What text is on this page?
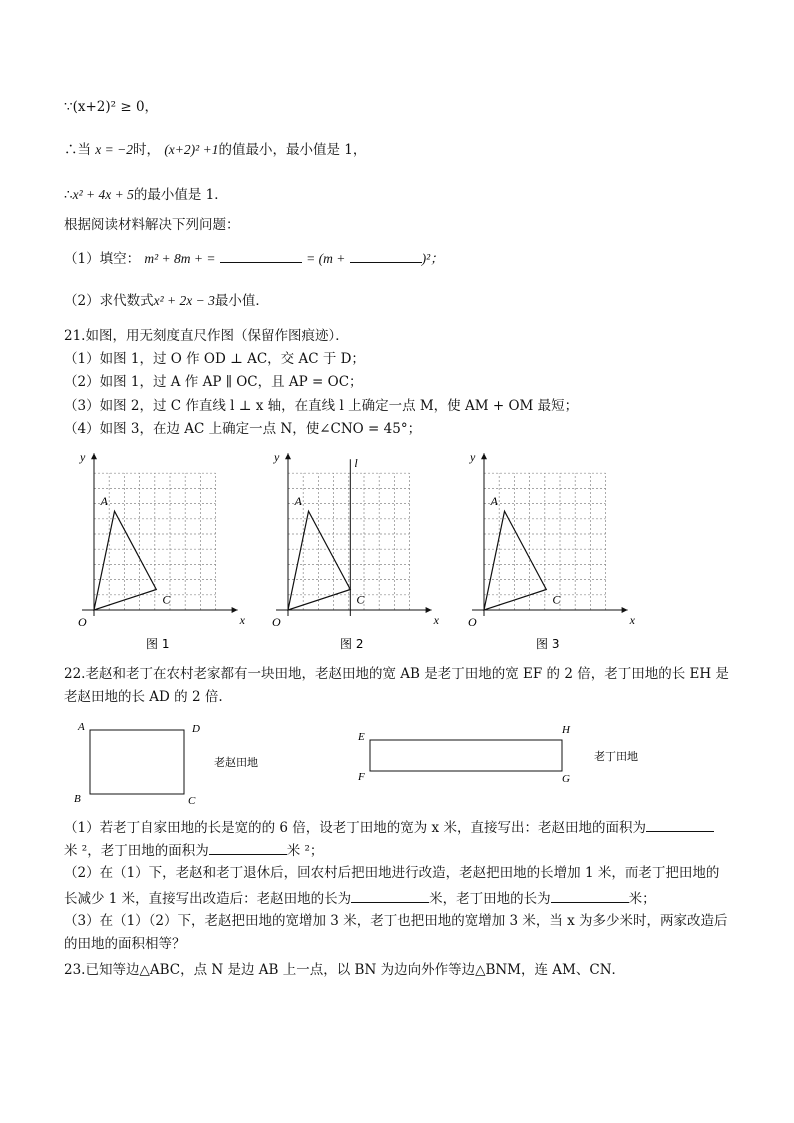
∵(x+2)² ≥ 0，
∴当 x = −2时， (x+2)² +1的值最小，最小值是 1，
∴x² + 4x + 5的最小值是 1．
根据阅读材料解决下列问题：
（1）填空： m² + 8m + =	= (m +	)²；
（2）求代数式x² + 2x − 3最小值．
21.如图，用无刻度直尺作图（保留作图痕迹）．
（1）如图 1，过 O 作 OD ⊥ AC，交 AC 于 D；
（2）如图 1，过 A 作 AP ∥ OC，且 AP = OC；
（3）如图 2，过 C 作直线 l ⊥ x 轴，在直线 l 上确定一点 M，使 AM + OM 最短；
（4）如图 3，在边 AC 上确定一点 N，使∠CNO = 45°；
x
y
O
A
C
图 1
x
y
O
A
C
l
图 2
x
y
O
A
C
图 3
22.老赵和老丁在农村老家都有一块田地，老赵田地的宽 AB 是老丁田地的宽 EF 的 2 倍，老丁田地的长 EH 是
老赵田地的长 AD 的 2 倍.
A	D
B	C
老赵田地
E
H
F	G
老丁田地
（1）若老丁自家田地的长是宽的的 6 倍，设老丁田地的宽为 x 米，直接写出：老赵田地的面积为
米 ²，老丁田地的面积为	米 ²；
（2）在（1）下，老赵和老丁退休后，回农村后把田地进行改造，老赵把田地的长增加 1 米，而老丁把田地的
长减少 1 米，直接写出改造后：老赵田地的长为	米，老丁田地的长为	米；
（3）在（1）（2）下，老赵把田地的宽增加 3 米，老丁也把田地的宽增加 3 米，当 x 为多少米时，两家改造后
的田地的面积相等？
23.已知等边△ABC，点 N 是边 AB 上一点，以 BN 为边向外作等边△BNM，连 AM、CN．
